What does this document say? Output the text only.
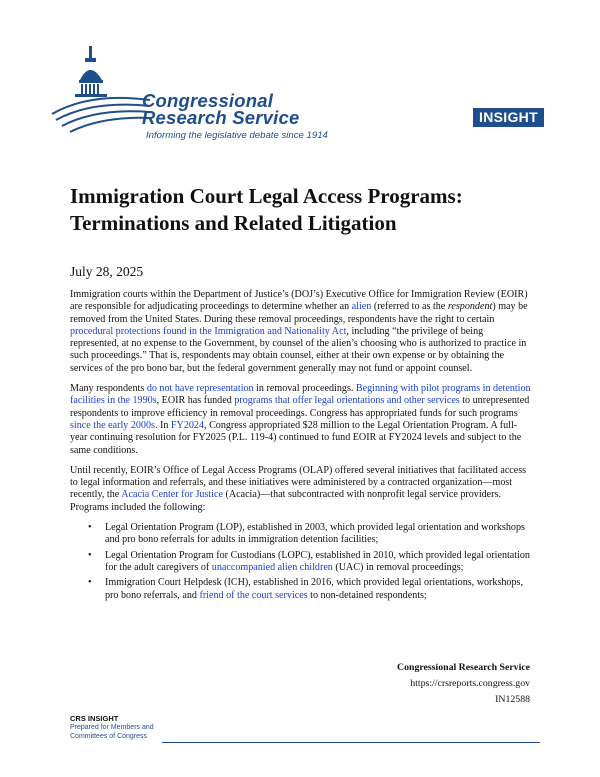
Congressional
Research Service
Informing the legislative debate since 1914
INSIGHT
Immigration Court Legal Access Programs: Terminations and Related Litigation
July 28, 2025

Immigration courts within the Department of Justice’s (DOJ’s) Executive Office for Immigration Review (EOIR) are responsible for adjudicating proceedings to determine whether an alien (referred to as the respondent) may be removed from the United States. During these removal proceedings, respondents have the right to certain procedural protections found in the Immigration and Nationality Act, including “the privilege of being represented, at no expense to the Government, by counsel of the alien’s choosing who is authorized to practice in such proceedings.” That is, respondents may obtain counsel, either at their own expense or by obtaining the services of the pro bono bar, but the federal government generally may not fund or appoint counsel.

Many respondents do not have representation in removal proceedings. Beginning with pilot programs in detention facilities in the 1990s, EOIR has funded programs that offer legal orientations and other services to unrepresented respondents to improve efficiency in removal proceedings. Congress has appropriated funds for such programs since the early 2000s. In FY2024, Congress appropriated $28 million to the Legal Orientation Program. A full-year continuing resolution for FY2025 (P.L. 119-4) continued to fund EOIR at FY2024 levels and subject to the same conditions.

Until recently, EOIR’s Office of Legal Access Programs (OLAP) offered several initiatives that facilitated access to legal information and referrals, and these initiatives were administered by a contracted organization—most recently, the Acacia Center for Justice (Acacia)—that subcontracted with nonprofit legal service providers. Programs included the following:

• Legal Orientation Program (LOP), established in 2003, which provided legal orientation and workshops and pro bono referrals for adults in immigration detention facilities;
• Legal Orientation Program for Custodians (LOPC), established in 2010, which provided legal orientation for the adult caregivers of unaccompanied alien children (UAC) in removal proceedings;
• Immigration Court Helpdesk (ICH), established in 2016, which provided legal orientations, workshops, pro bono referrals, and friend of the court services to non-detained respondents;
Congressional Research Service
https://crsreports.congress.gov
IN12588
CRS INSIGHT
Prepared for Members and
Committees of Congress
